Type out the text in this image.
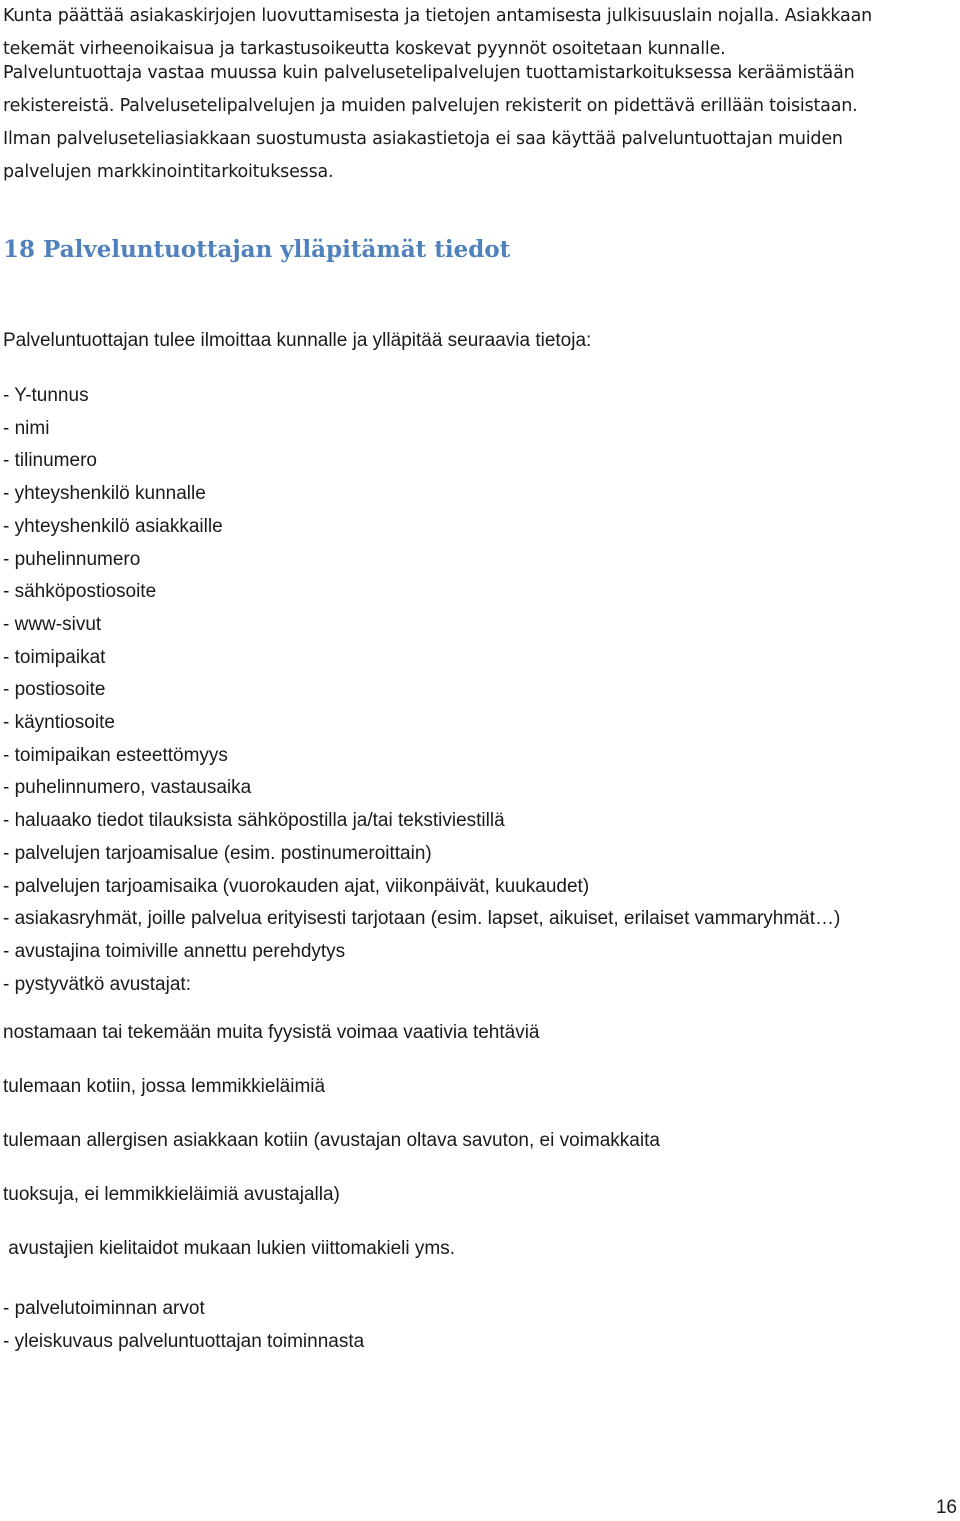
Kunta päättää asiakaskirjojen luovuttamisesta ja tietojen antamisesta julkisuuslain nojalla. Asiakkaan
tekemät virheenoikaisua ja tarkastusoikeutta koskevat pyynnöt osoitetaan kunnalle.
Palveluntuottaja vastaa muussa kuin palvelusetelipalvelujen tuottamistarkoituksessa keräämistään
rekistereistä. Palvelusetelipalvelujen ja muiden palvelujen rekisterit on pidettävä erillään toisistaan.
Ilman palveluseteliasiakkaan suostumusta asiakastietoja ei saa käyttää palveluntuottajan muiden
palvelujen markkinointitarkoituksessa.
18 Palveluntuottajan ylläpitämät tiedot
Palveluntuottajan tulee ilmoittaa kunnalle ja ylläpitää seuraavia tietoja:
- Y-tunnus
- nimi
- tilinumero
- yhteyshenkilö kunnalle
- yhteyshenkilö asiakkaille
- puhelinnumero
- sähköpostiosoite
- www-sivut
- toimipaikat
- postiosoite
- käyntiosoite
- toimipaikan esteettömyys
- puhelinnumero, vastausaika
- haluaako tiedot tilauksista sähköpostilla ja/tai tekstiviestillä
- palvelujen tarjoamisalue (esim. postinumeroittain)
- palvelujen tarjoamisaika (vuorokauden ajat, viikonpäivät, kuukaudet)
- asiakasryhmät, joille palvelua erityisesti tarjotaan (esim. lapset, aikuiset, erilaiset vammaryhmät…)
- avustajina toimiville annettu perehdytys
- pystyvätkö avustajat:
nostamaan tai tekemään muita fyysistä voimaa vaativia tehtäviä
tulemaan kotiin, jossa lemmikkieläimiä
tulemaan allergisen asiakkaan kotiin (avustajan oltava savuton, ei voimakkaita
tuoksuja, ei lemmikkieläimiä avustajalla)
avustajien kielitaidot mukaan lukien viittomakieli yms.
- palvelutoiminnan arvot
- yleiskuvaus palveluntuottajan toiminnasta
16
